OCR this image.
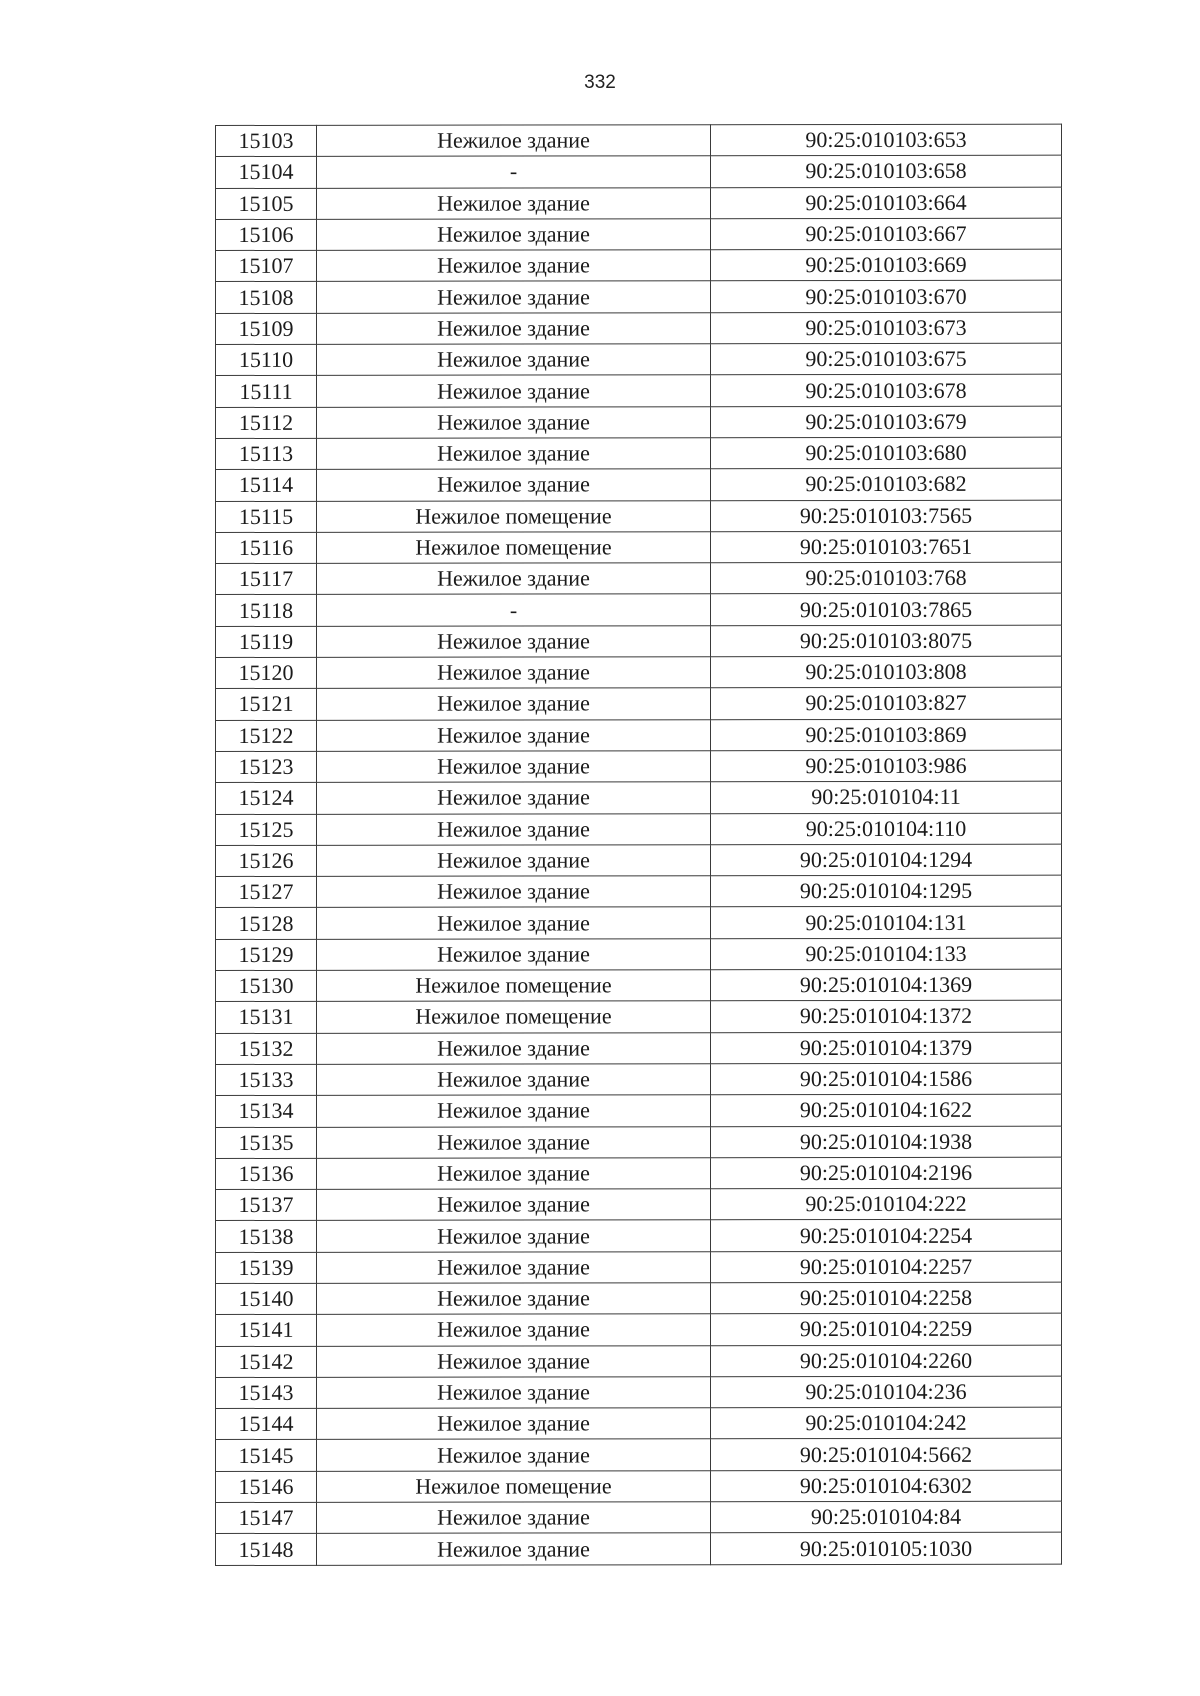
332
15103	Нежилое здание	90:25:010103:653
15104	-	90:25:010103:658
15105	Нежилое здание	90:25:010103:664
15106	Нежилое здание	90:25:010103:667
15107	Нежилое здание	90:25:010103:669
15108	Нежилое здание	90:25:010103:670
15109	Нежилое здание	90:25:010103:673
15110	Нежилое здание	90:25:010103:675
15111	Нежилое здание	90:25:010103:678
15112	Нежилое здание	90:25:010103:679
15113	Нежилое здание	90:25:010103:680
15114	Нежилое здание	90:25:010103:682
15115	Нежилое помещение	90:25:010103:7565
15116	Нежилое помещение	90:25:010103:7651
15117	Нежилое здание	90:25:010103:768
15118	-	90:25:010103:7865
15119	Нежилое здание	90:25:010103:8075
15120	Нежилое здание	90:25:010103:808
15121	Нежилое здание	90:25:010103:827
15122	Нежилое здание	90:25:010103:869
15123	Нежилое здание	90:25:010103:986
15124	Нежилое здание	90:25:010104:11
15125	Нежилое здание	90:25:010104:110
15126	Нежилое здание	90:25:010104:1294
15127	Нежилое здание	90:25:010104:1295
15128	Нежилое здание	90:25:010104:131
15129	Нежилое здание	90:25:010104:133
15130	Нежилое помещение	90:25:010104:1369
15131	Нежилое помещение	90:25:010104:1372
15132	Нежилое здание	90:25:010104:1379
15133	Нежилое здание	90:25:010104:1586
15134	Нежилое здание	90:25:010104:1622
15135	Нежилое здание	90:25:010104:1938
15136	Нежилое здание	90:25:010104:2196
15137	Нежилое здание	90:25:010104:222
15138	Нежилое здание	90:25:010104:2254
15139	Нежилое здание	90:25:010104:2257
15140	Нежилое здание	90:25:010104:2258
15141	Нежилое здание	90:25:010104:2259
15142	Нежилое здание	90:25:010104:2260
15143	Нежилое здание	90:25:010104:236
15144	Нежилое здание	90:25:010104:242
15145	Нежилое здание	90:25:010104:5662
15146	Нежилое помещение	90:25:010104:6302
15147	Нежилое здание	90:25:010104:84
15148	Нежилое здание	90:25:010105:1030
